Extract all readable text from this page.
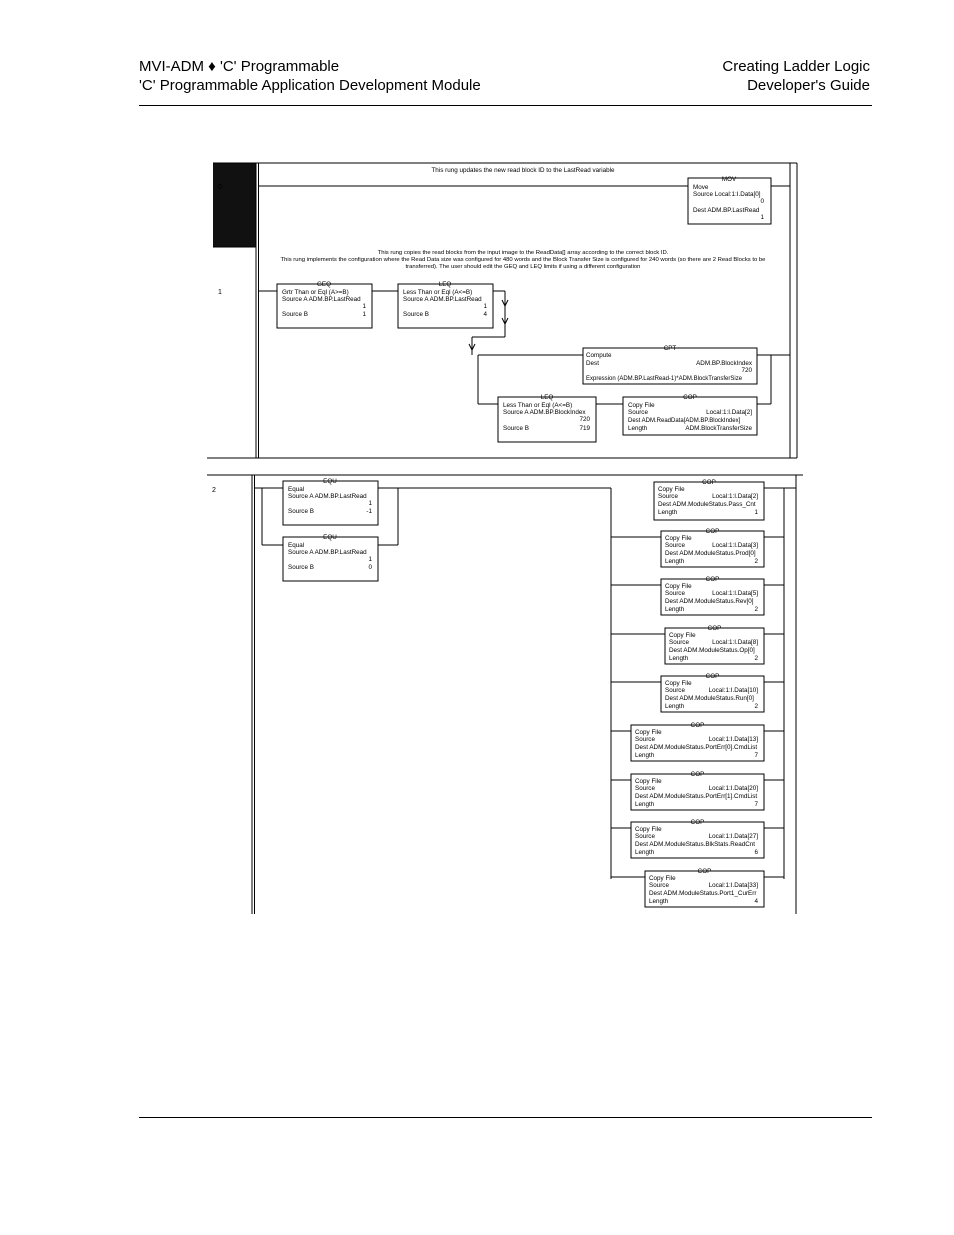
MVI-ADM ♦ 'C' Programmable
'C' Programmable Application Development Module
Creating Ladder Logic
Developer's Guide
0
This rung updates the new read block ID to the LastRead variable
1
This rung copies the read blocks from the input image to the ReadData[] array according to the correct block ID.
This rung implements the configuration where the Read Data size was configured for 480 words and the Block Transfer Size is configured for 240 words (so there are 2 Read Blocks to be
transferred). The user should edit the GEQ and LEQ limits if using a different configuration
2
MOV
Move
Source Local:1:I.Data[0]
0
Dest ADM.BP.LastRead
1
GEQ
Grtr Than or Eql (A>=B)
Source A ADM.BP.LastRead
1
Source B	1
LEQ
Less Than or Eql (A<=B)
Source A ADM.BP.LastRead
1
Source B	4
CPT
Compute
Dest	ADM.BP.BlockIndex
720
Expression (ADM.BP.LastRead-1)*ADM.BlockTransferSize
LEQ
Less Than or Eql (A<=B)
Source A ADM.BP.BlockIndex
720
Source B	719
COP
Copy File
Source	Local:1:I.Data[2]
Dest ADM.ReadData[ADM.BP.BlockIndex]
Length	ADM.BlockTransferSize
EQU
Equal
Source A ADM.BP.LastRead
1
Source B	-1
EQU
Equal
Source A ADM.BP.LastRead
1
Source B	0
COP
Copy File
Source	Local:1:I.Data[2]
Dest ADM.ModuleStatus.Pass_Cnt
Length	1
COP
Copy File
Source	Local:1:I.Data[3]
Dest ADM.ModuleStatus.Prod[0]
Length	2
COP
Copy File
Source	Local:1:I.Data[5]
Dest ADM.ModuleStatus.Rev[0]
Length	2
COP
Copy File
Source	Local:1:I.Data[8]
Dest ADM.ModuleStatus.Op[0]
Length	2
COP
Copy File
Source	Local:1:I.Data[10]
Dest ADM.ModuleStatus.Run[0]
Length	2
COP
Copy File
Source	Local:1:I.Data[13]
Dest ADM.ModuleStatus.PortErr[0].CmdList
Length	7
COP
Copy File
Source	Local:1:I.Data[20]
Dest ADM.ModuleStatus.PortErr[1].CmdList
Length	7
COP
Copy File
Source	Local:1:I.Data[27]
Dest ADM.ModuleStatus.BlkStats.ReadCnt
Length	6
COP
Copy File
Source	Local:1:I.Data[33]
Dest ADM.ModuleStatus.Port1_CurErr
Length	4
